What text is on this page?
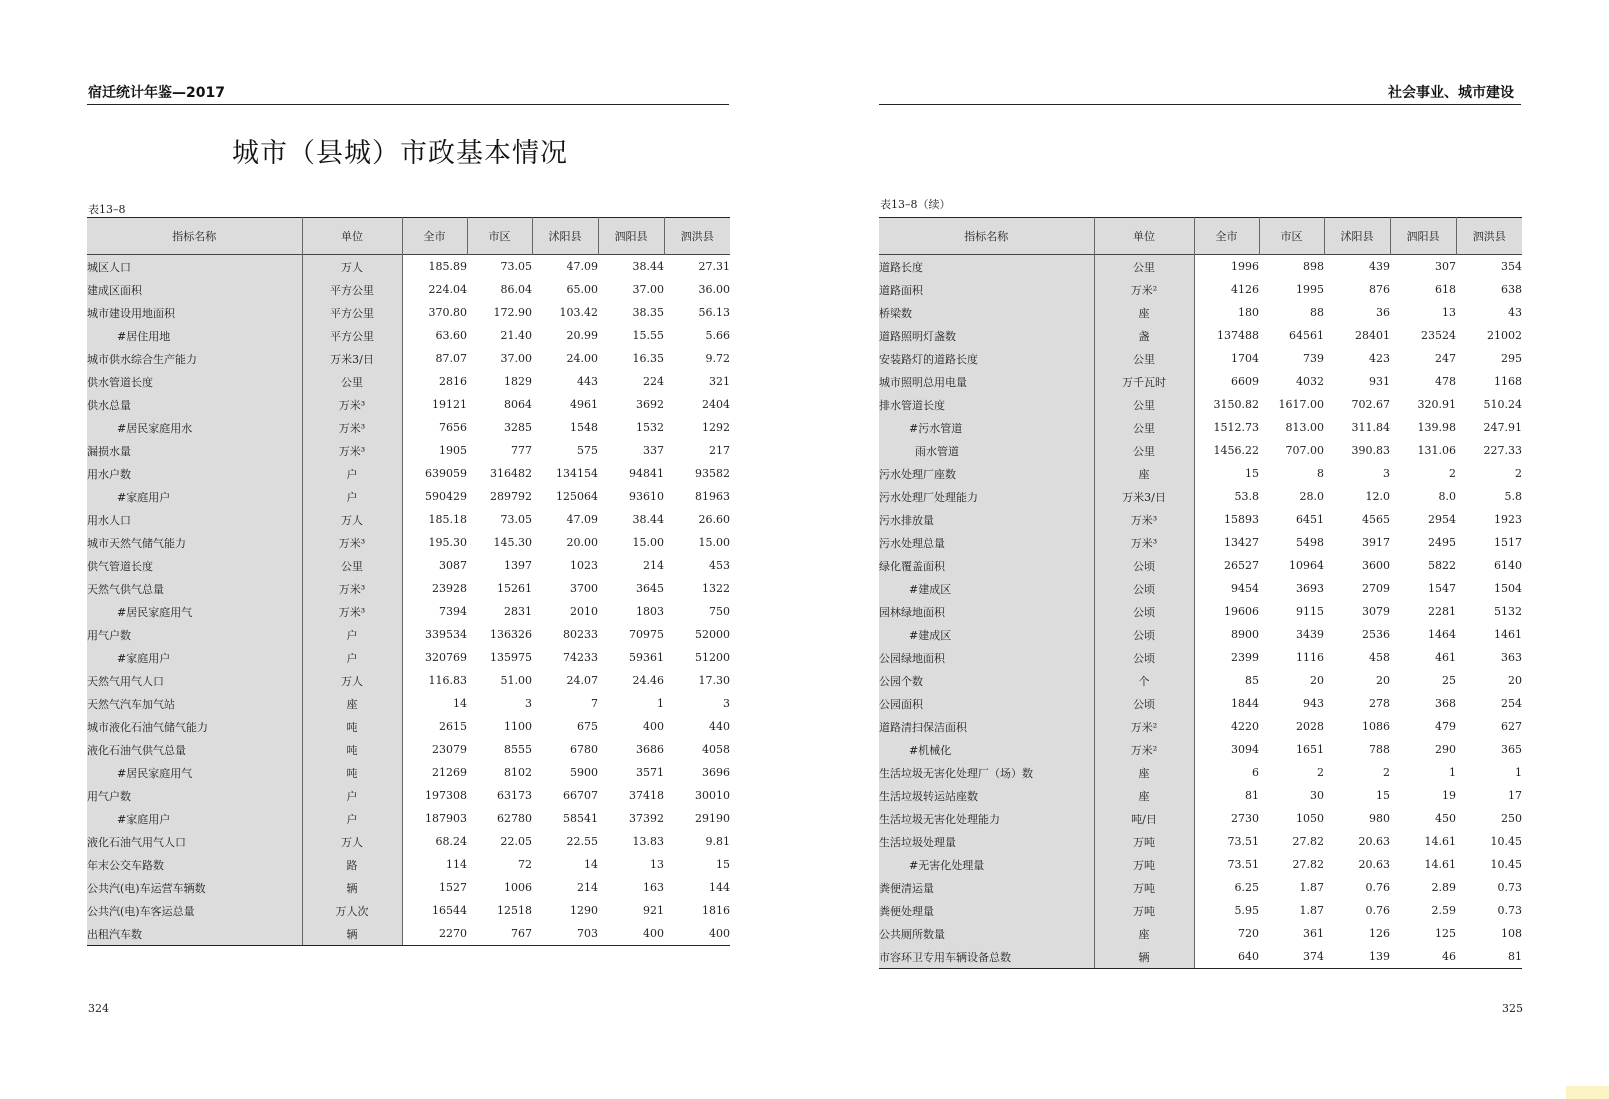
宿迁统计年鉴—2017
城市（县城）市政基本情况
表13–8
指标名称	单位	全市	市区	沭阳县	泗阳县	泗洪县
城区人口	万人	185.89	73.05	47.09	38.44	27.31
建成区面积	平方公里	224.04	86.04	65.00	37.00	36.00
城市建设用地面积	平方公里	370.80	172.90	103.42	38.35	56.13
#居住用地	平方公里	63.60	21.40	20.99	15.55	5.66
城市供水综合生产能力	万米3/日	87.07	37.00	24.00	16.35	9.72
供水管道长度	公里	2816	1829	443	224	321
供水总量	万米³	19121	8064	4961	3692	2404
#居民家庭用水	万米³	7656	3285	1548	1532	1292
漏损水量	万米³	1905	777	575	337	217
用水户数	户	639059	316482	134154	94841	93582
#家庭用户	户	590429	289792	125064	93610	81963
用水人口	万人	185.18	73.05	47.09	38.44	26.60
城市天然气储气能力	万米³	195.30	145.30	20.00	15.00	15.00
供气管道长度	公里	3087	1397	1023	214	453
天然气供气总量	万米³	23928	15261	3700	3645	1322
#居民家庭用气	万米³	7394	2831	2010	1803	750
用气户数	户	339534	136326	80233	70975	52000
#家庭用户	户	320769	135975	74233	59361	51200
天然气用气人口	万人	116.83	51.00	24.07	24.46	17.30
天然气汽车加气站	座	14	3	7	1	3
城市液化石油气储气能力	吨	2615	1100	675	400	440
液化石油气供气总量	吨	23079	8555	6780	3686	4058
#居民家庭用气	吨	21269	8102	5900	3571	3696
用气户数	户	197308	63173	66707	37418	30010
#家庭用户	户	187903	62780	58541	37392	29190
液化石油气用气人口	万人	68.24	22.05	22.55	13.83	9.81
年末公交车路数	路	114	72	14	13	15
公共汽(电)车运营车辆数	辆	1527	1006	214	163	144
公共汽(电)车客运总量	万人次	16544	12518	1290	921	1816
出租汽车数	辆	2270	767	703	400	400
324
社会事业、城市建设
表13–8（续）
指标名称	单位	全市	市区	沭阳县	泗阳县	泗洪县
道路长度	公里	1996	898	439	307	354
道路面积	万米²	4126	1995	876	618	638
桥梁数	座	180	88	36	13	43
道路照明灯盏数	盏	137488	64561	28401	23524	21002
安装路灯的道路长度	公里	1704	739	423	247	295
城市照明总用电量	万千瓦时	6609	4032	931	478	1168
排水管道长度	公里	3150.82	1617.00	702.67	320.91	510.24
#污水管道	公里	1512.73	813.00	311.84	139.98	247.91
雨水管道	公里	1456.22	707.00	390.83	131.06	227.33
污水处理厂座数	座	15	8	3	2	2
污水处理厂处理能力	万米3/日	53.8	28.0	12.0	8.0	5.8
污水排放量	万米³	15893	6451	4565	2954	1923
污水处理总量	万米³	13427	5498	3917	2495	1517
绿化覆盖面积	公顷	26527	10964	3600	5822	6140
#建成区	公顷	9454	3693	2709	1547	1504
园林绿地面积	公顷	19606	9115	3079	2281	5132
#建成区	公顷	8900	3439	2536	1464	1461
公园绿地面积	公顷	2399	1116	458	461	363
公园个数	个	85	20	20	25	20
公园面积	公顷	1844	943	278	368	254
道路清扫保洁面积	万米²	4220	2028	1086	479	627
#机械化	万米²	3094	1651	788	290	365
生活垃圾无害化处理厂（场）数	座	6	2	2	1	1
生活垃圾转运站座数	座	81	30	15	19	17
生活垃圾无害化处理能力	吨/日	2730	1050	980	450	250
生活垃圾处理量	万吨	73.51	27.82	20.63	14.61	10.45
#无害化处理量	万吨	73.51	27.82	20.63	14.61	10.45
粪便清运量	万吨	6.25	1.87	0.76	2.89	0.73
粪便处理量	万吨	5.95	1.87	0.76	2.59	0.73
公共厕所数量	座	720	361	126	125	108
市容环卫专用车辆设备总数	辆	640	374	139	46	81
325
